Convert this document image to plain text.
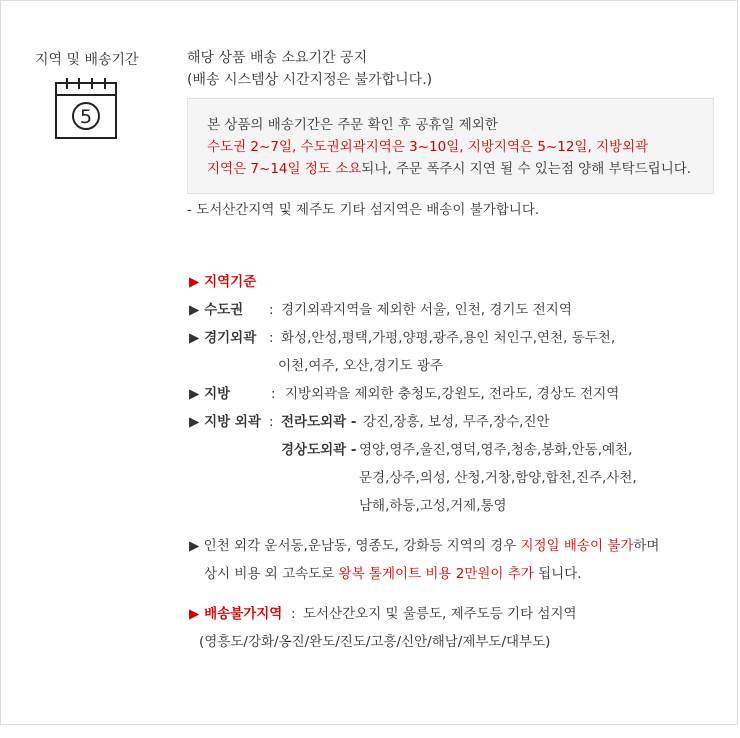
지역 및 배송기간
5
해당 상품 배송 소요기간 공지
(배송 시스템상 시간지정은 불가합니다.)
본 상품의 배송기간은 주문 확인 후 공휴일 제외한
수도권 2~7일, 수도권외곽지역은 3~10일, 지방지역은 5~12일, 지방외곽
지역은 7~14일 정도 소요되나, 주문 폭주시 지연 될 수 있는점 양해 부탁드립니다.
- 도서산간지역 및 제주도 기타 섬지역은 배송이 불가합니다.
▶ 지역기준
▶ 수도권 : 경기외곽지역을 제외한 서울, 인천, 경기도 전지역
▶ 경기외곽 : 화성,안성,평택,가평,양평,광주,용인 처인구,연천, 동두천,
이천,여주, 오산,경기도 광주
▶ 지방	: 지방외곽을 제외한 충청도,강원도, 전라도, 경상도 전지역
▶ 지방 외곽 : 전라도외곽 - 강진,장흥, 보성, 무주,장수,진안
경상도외곽 - 영양,영주,울진,영덕,영주,청송,봉화,안동,예천,
문경,상주,의성, 산청,거창,함양,합천,진주,사천,
남해,하동,고성,거제,통영
▶ 인천 외각 운서동,운남동, 영종도, 강화등 지역의 경우 지정일 배송이 불가하며
상시 비용 외 고속도로 왕복 톨게이트 비용 2만원이 추가 됩니다.
▶ 배송불가지역 : 도서산간오지 및 울릉도, 제주도등 기타 섬지역
(영흥도/강화/옹진/완도/진도/고흥/신안/해남/제부도/대부도)
